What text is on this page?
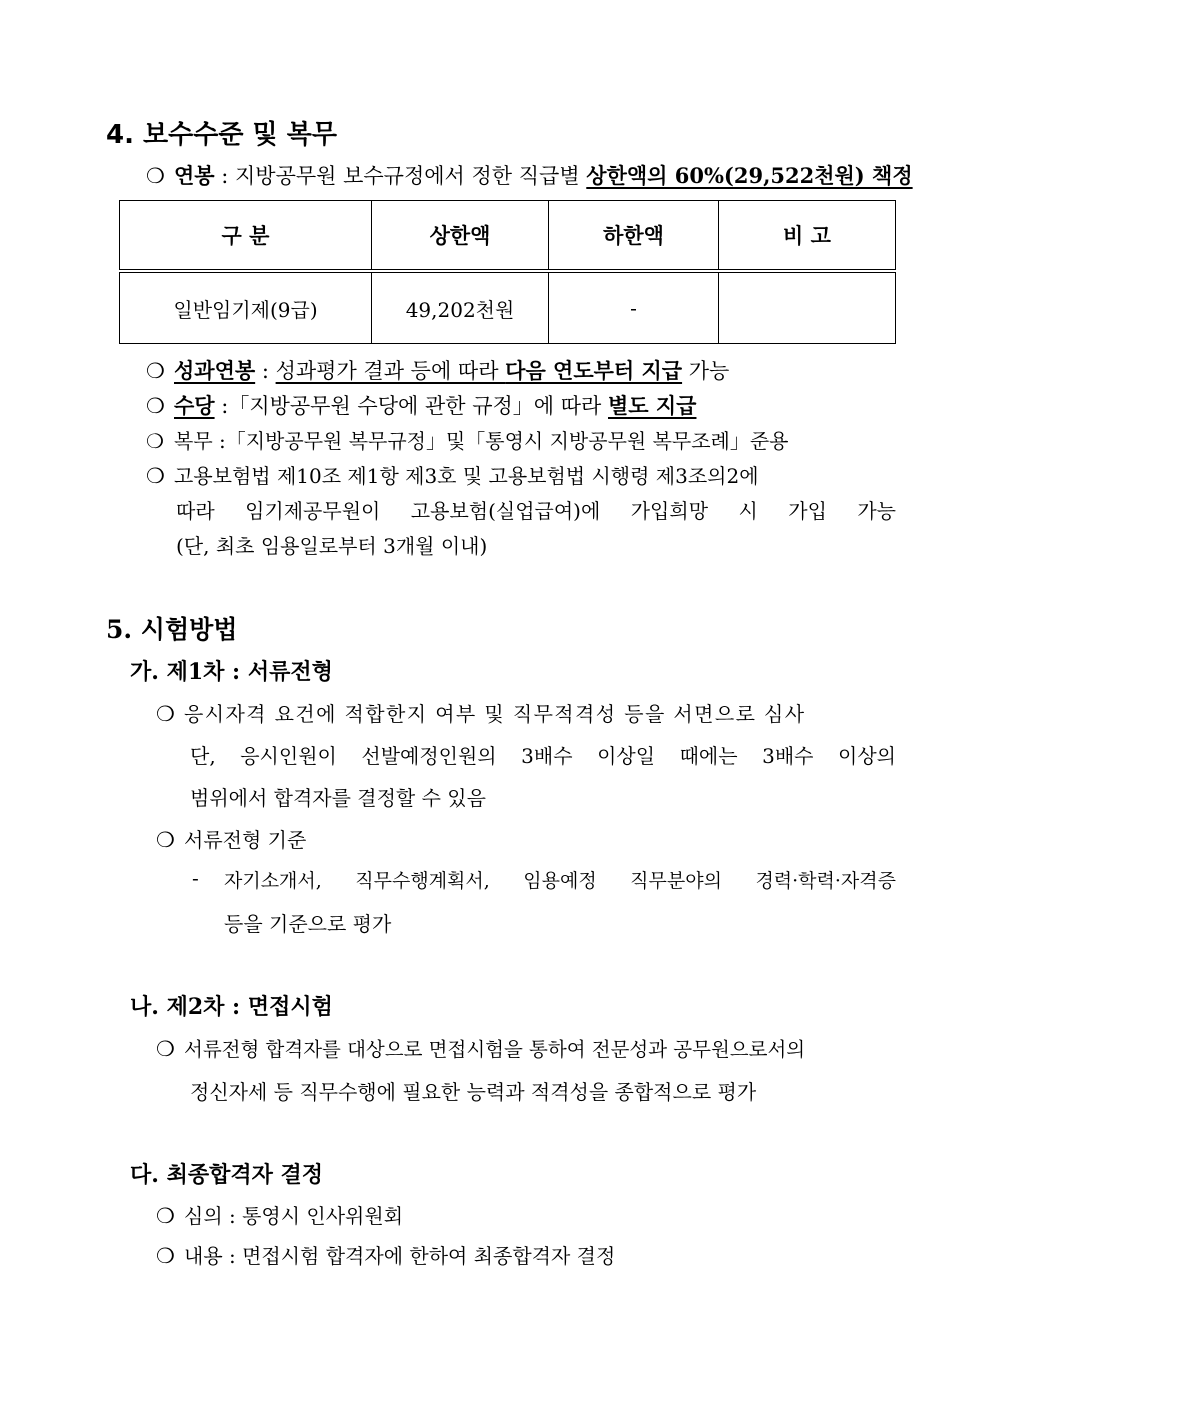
4. 보수수준 및 복무
❍ 연봉 : 지방공무원 보수규정에서 정한 직급별 상한액의 60%(29,522천원) 책정
구 분	상한액	하한액	비 고
일반임기제(9급)	49,202천원	-	
❍ 성과연봉 : 성과평가 결과 등에 따라 다음 연도부터 지급 가능
❍ 수당 :「지방공무원 수당에 관한 규정」에 따라 별도 지급
❍ 복무 :「지방공무원 복무규정」및「통영시 지방공무원 복무조례」준용
❍ 고용보험법 제10조 제1항 제3호 및 고용보험법 시행령 제3조의2에
따라 임기제공무원이 고용보험(실업급여)에 가입희망 시 가입 가능
(단, 최초 임용일로부터 3개월 이내)
5. 시험방법
가. 제1차 : 서류전형
❍ 응시자격 요건에 적합한지 여부 및 직무적격성 등을 서면으로 심사
단, 응시인원이 선발예정인원의 3배수 이상일 때에는 3배수 이상의
범위에서 합격자를 결정할 수 있음
❍ 서류전형 기준
- 자기소개서, 직무수행계획서, 임용예정 직무분야의 경력·학력·자격증
등을 기준으로 평가
나. 제2차 : 면접시험
❍ 서류전형 합격자를 대상으로 면접시험을 통하여 전문성과 공무원으로서의
정신자세 등 직무수행에 필요한 능력과 적격성을 종합적으로 평가
다. 최종합격자 결정
❍ 심의 : 통영시 인사위원회
❍ 내용 : 면접시험 합격자에 한하여 최종합격자 결정
